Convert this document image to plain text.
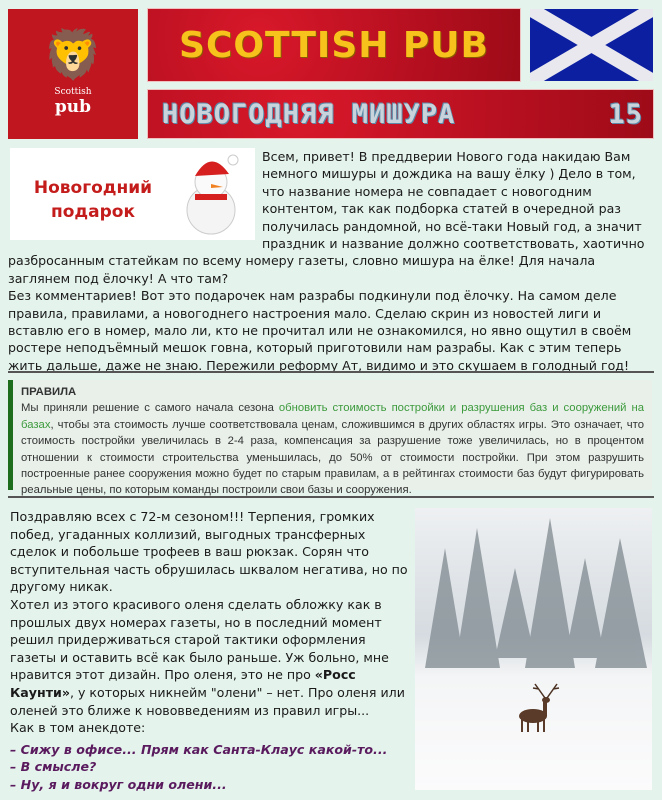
🦁
Scottish
pub
SCOTTISH PUB
НОВОГОДНЯЯ МИШУРА	15
Новогодний
подарок

Всем, привет! В преддверии Нового года накидаю Вам немного мишуры и дождика на вашу ёлку ) Дело в том, что название номера не совпадает с новогодним контентом, так как подборка статей в очередной раз получилась рандомной, но всё-таки Новый год, а значит праздник и название должно соответствовать, хаотично разбросанным статейкам по всему номеру газеты, словно мишура на ёлке! Для начала заглянем под ёлочку! А что там?

Без комментариев! Вот это подарочек нам разрабы подкинули под ёлочку. На самом деле правила, правилами, а новогоднего настроения мало. Сделаю скрин из новостей лиги и вставлю его в номер, мало ли, кто не прочитал или не ознакомился, но явно ощутил в своём ростере неподъёмный мешок говна, который приготовили нам разрабы. Как с этим теперь жить дальше, даже не знаю. Пережили реформу Ат, видимо и это скушаем в голодный год!

ПРАВИЛА
Мы приняли решение с самого начала сезона обновить стоимость постройки и разрушения баз и сооружений на базах, чтобы эта стоимость лучше соответствовала ценам, сложившимся в других областях игры. Это означает, что стоимость постройки увеличилась в 2-4 раза, компенсация за разрушение тоже увеличилась, но в процентом отношении к стоимости строительства уменьшилась, до 50% от стоимости постройки. При этом разрушить построенные ранее сооружения можно будет по старым правилам, а в рейтингах стоимости баз будут фигурировать реальные цены, по которым команды построили свои базы и сооружения.

Поздравляю всех с 72-м сезоном!!! Терпения, громких побед, угаданных коллизий, выгодных трансферных сделок и побольше трофеев в ваш рюкзак. Сорян что вступительная часть обрушилась шквалом негатива, но по другому никак.

Хотел из этого красивого оленя сделать обложку как в прошлых двух номерах газеты, но в последний момент решил придерживаться старой тактики оформления газеты и оставить всё как было раньше. Уж больно, мне нравится этот дизайн. Про оленя, это не про «Росс Каунти», у которых никнейм "олени" – нет. Про оленя или оленей это ближе к нововведениям из правил игры...

Как в том анекдоте:

– Сижу в офисе... Прям как Санта-Клаус какой-то...

– В смысле?

– Ну, я и вокруг одни олени...
